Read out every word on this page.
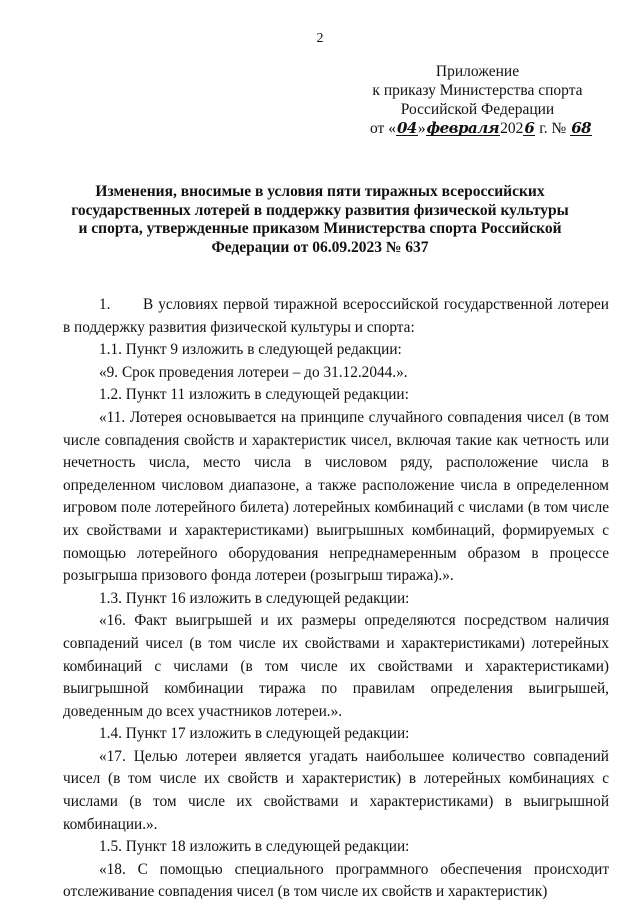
2
Приложение
к приказу Министерства спорта
Российской Федерации
от «04»февраля2026 г. № 68
Изменения, вносимые в условия пяти тиражных всероссийских государственных лотерей в поддержку развития физической культуры и спорта, утвержденные приказом Министерства спорта Российской Федерации от 06.09.2023 № 637

1. В условиях первой тиражной всероссийской государственной лотереи в поддержку развития физической культуры и спорта:

1.1. Пункт 9 изложить в следующей редакции:

«9. Срок проведения лотереи – до 31.12.2044.».

1.2. Пункт 11 изложить в следующей редакции:

«11. Лотерея основывается на принципе случайного совпадения чисел (в том числе совпадения свойств и характеристик чисел, включая такие как четность или нечетность числа, место числа в числовом ряду, расположение числа в определенном числовом диапазоне, а также расположение числа в определенном игровом поле лотерейного билета) лотерейных комбинаций с числами (в том числе их свойствами и характеристиками) выигрышных комбинаций, формируемых с помощью лотерейного оборудования непреднамеренным образом в процессе розыгрыша призового фонда лотереи (розыгрыш тиража).».

1.3. Пункт 16 изложить в следующей редакции:

«16. Факт выигрышей и их размеры определяются посредством наличия совпадений чисел (в том числе их свойствами и характеристиками) лотерейных комбинаций с числами (в том числе их свойствами и характеристиками) выигрышной комбинации тиража по правилам определения выигрышей, доведенным до всех участников лотереи.».

1.4. Пункт 17 изложить в следующей редакции:

«17. Целью лотереи является угадать наибольшее количество совпадений чисел (в том числе их свойств и характеристик) в лотерейных комбинациях с числами (в том числе их свойствами и характеристиками) в выигрышной комбинации.».

1.5. Пункт 18 изложить в следующей редакции:

«18. С помощью специального программного обеспечения происходит отслеживание совпадения чисел (в том числе их свойств и характеристик)
